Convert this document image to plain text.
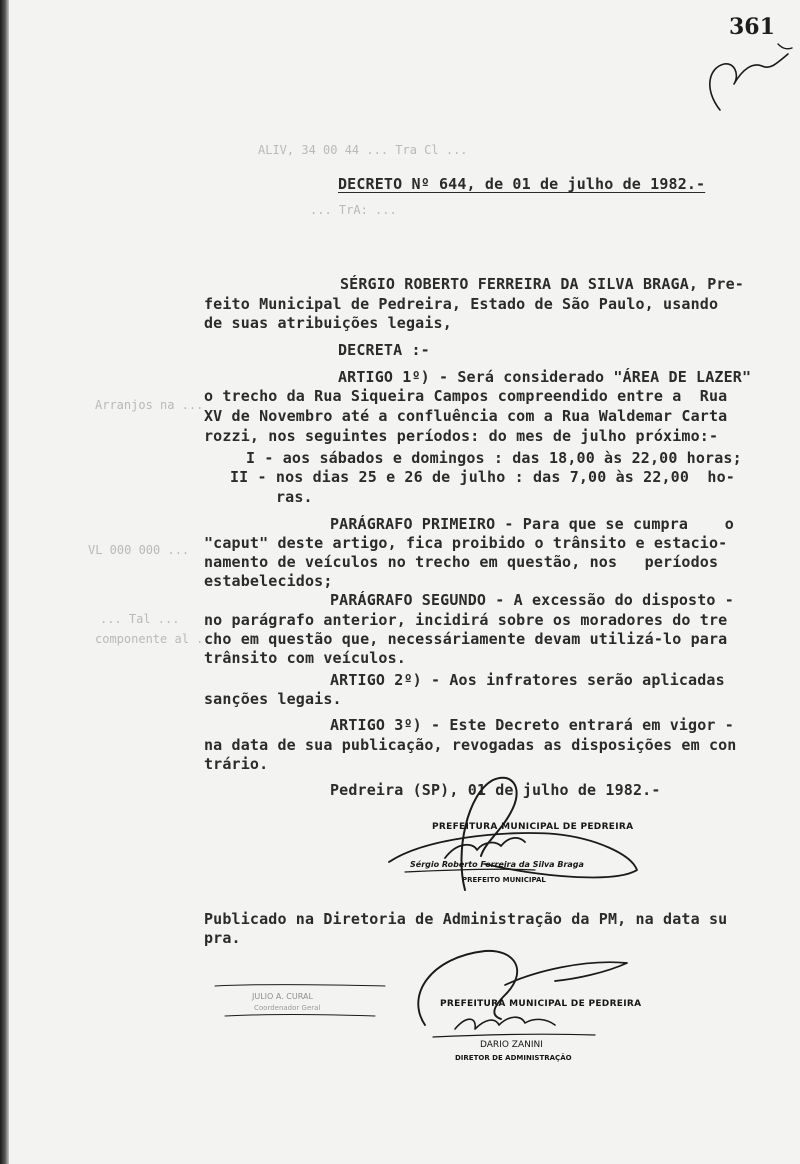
361
ALIV, 34 00 44 ... Tra Cl ...
... TrA: ...
Arranjos na ...
VL 000 000 ...
... Tal ...
componente al ...
DECRETO Nº 644, de 01 de julho de 1982.-
SÉRGIO ROBERTO FERREIRA DA SILVA BRAGA, Pre-
feito Municipal de Pedreira, Estado de São Paulo, usando
de suas atribuições legais,
DECRETA :-
ARTIGO 1º) - Será considerado "ÁREA DE LAZER"
o trecho da Rua Siqueira Campos compreendido entre a  Rua
XV de Novembro até a confluência com a Rua Waldemar Carta
rozzi, nos seguintes períodos: do mes de julho próximo:-
I - aos sábados e domingos : das 18,00 às 22,00 horas;
II - nos dias 25 e 26 de julho : das 7,00 às 22,00  ho-
ras.
PARÁGRAFO PRIMEIRO - Para que se cumpra    o
"caput" deste artigo, fica proibido o trânsito e estacio-
namento de veículos no trecho em questão, nos   períodos
estabelecidos;
PARÁGRAFO SEGUNDO - A excessão do disposto -
no parágrafo anterior, incidirá sobre os moradores do tre
cho em questão que, necessáriamente devam utilizá-lo para
trânsito com veículos.
ARTIGO 2º) - Aos infratores serão aplicadas
sanções legais.
ARTIGO 3º) - Este Decreto entrará em vigor -
na data de sua publicação, revogadas as disposições em con
trário.
Pedreira (SP), 01 de julho de 1982.-
Publicado na Diretoria de Administração da PM, na data su
pra.
PREFEITURA MUNICIPAL DE PEDREIRA
Sérgio Roberto Ferreira da Silva Braga
PREFEITO MUNICIPAL
JULIO A. CURAL
Coordenador Geral	PREFEITURA MUNICIPAL DE PEDREIRA
DARIO ZANINI
DIRETOR DE ADMINISTRAÇÃO
